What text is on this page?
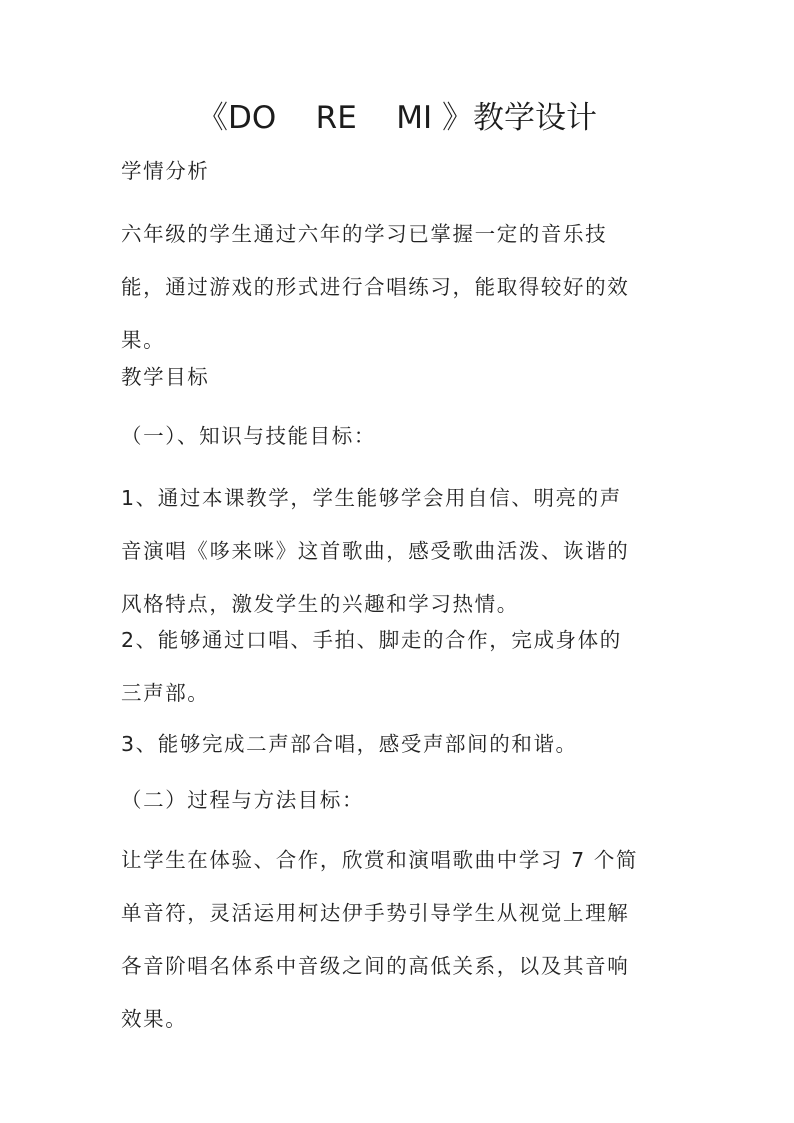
《DO    RE    MI 》教学设计
学情分析
六年级的学生通过六年的学习已掌握一定的音乐技
能，通过游戏的形式进行合唱练习，能取得较好的效
果。
教学目标
（一）、知识与技能目标：
1、通过本课教学，学生能够学会用自信、明亮的声
音演唱《哆来咪》这首歌曲，感受歌曲活泼、诙谐的
风格特点，激发学生的兴趣和学习热情。
2、能够通过口唱、手拍、脚走的合作，完成身体的
三声部。
3、能够完成二声部合唱，感受声部间的和谐。
（二）过程与方法目标：
让学生在体验、合作，欣赏和演唱歌曲中学习 7 个简
单音符，灵活运用柯达伊手势引导学生从视觉上理解
各音阶唱名体系中音级之间的高低关系，以及其音响
效果。
